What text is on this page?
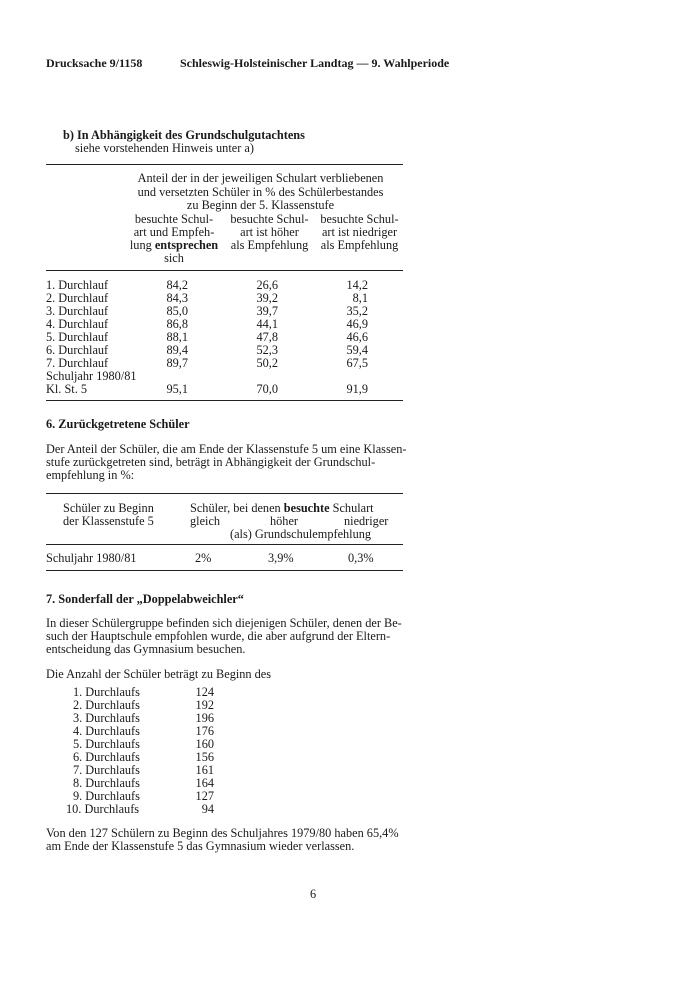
Drucksache 9/1158	Schleswig-Holsteinischer Landtag — 9. Wahlperiode
b) In Abhängigkeit des Grundschulgutachtens
siehe vorstehenden Hinweis unter a)
Anteil der in der jeweiligen Schulart verbliebenen
und versetzten Schüler in % des Schülerbestandes
zu Beginn der 5. Klassenstufe
besuchte Schul-
art und Empfeh-
lung entsprechen
sich
besuchte Schul-
art ist höher
als Empfehlung
besuchte Schul-
art ist niedriger
als Empfehlung
1. Durchlauf	84,2	26,6	14,2
2. Durchlauf	84,3	39,2	8,1
3. Durchlauf	85,0	39,7	35,2
4. Durchlauf	86,8	44,1	46,9
5. Durchlauf	88,1	47,8	46,6
6. Durchlauf	89,4	52,3	59,4
7. Durchlauf	89,7	50,2	67,5
Schuljahr 1980/81
Kl. St. 5	95,1	70,0	91,9
6. Zurückgetretene Schüler
Der Anteil der Schüler, die am Ende der Klassenstufe 5 um eine Klassen-
stufe zurückgetreten sind, beträgt in Abhängigkeit der Grundschul-
empfehlung in %:
Schüler zu Beginn
der Klassenstufe 5
Schüler, bei denen besuchte Schulart
gleich	höher	niedriger
(als) Grundschulempfehlung
Schuljahr 1980/81	2%	3,9%	0,3%
7. Sonderfall der „Doppelabweichler“
In dieser Schülergruppe befinden sich diejenigen Schüler, denen der Be-
such der Hauptschule empfohlen wurde, die aber aufgrund der Eltern-
entscheidung das Gymnasium besuchen.
Die Anzahl der Schüler beträgt zu Beginn des
1. Durchlaufs	124
2. Durchlaufs	192
3. Durchlaufs	196
4. Durchlaufs	176
5. Durchlaufs	160
6. Durchlaufs	156
7. Durchlaufs	161
8. Durchlaufs	164
9. Durchlaufs	127
10. Durchlaufs	94
Von den 127 Schülern zu Beginn des Schuljahres 1979/80 haben 65,4%
am Ende der Klassenstufe 5 das Gymnasium wieder verlassen.
6
